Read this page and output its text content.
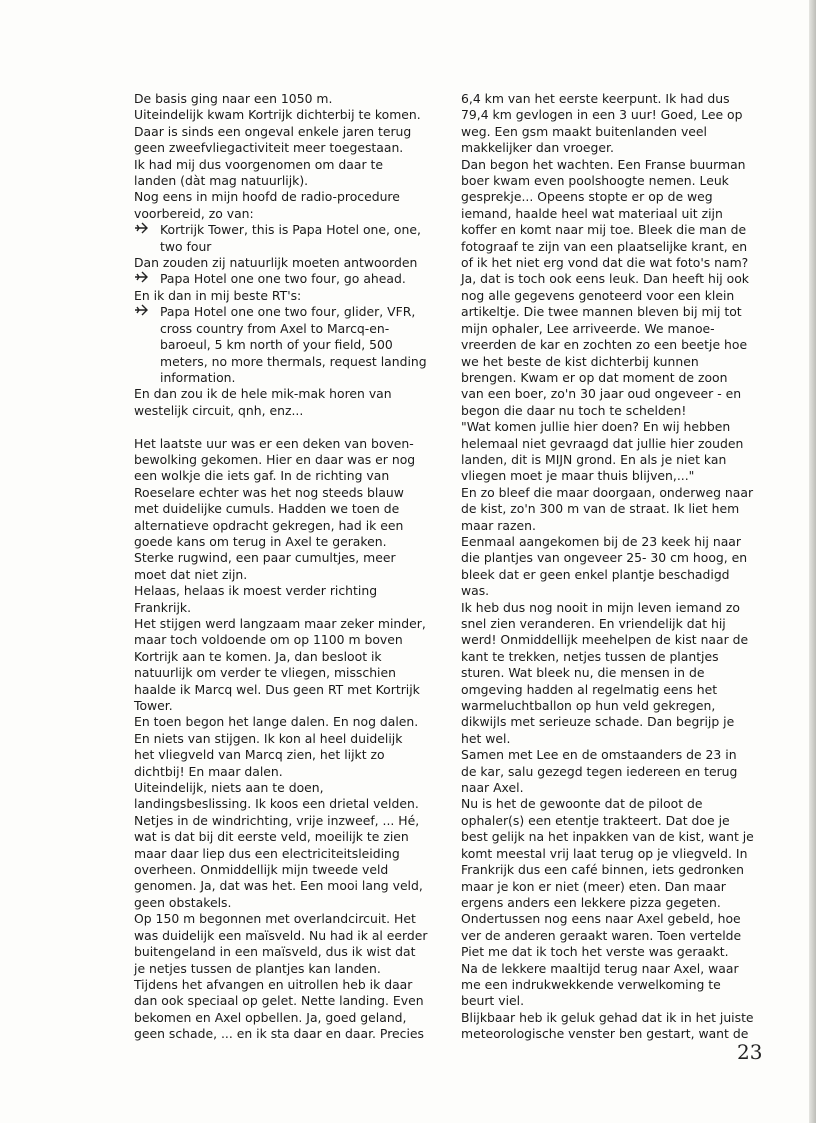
De basis ging naar een 1050 m.
Uiteindelijk kwam Kortrijk dichterbij te komen.
Daar is sinds een ongeval enkele jaren terug
geen zweefvliegactiviteit meer toegestaan.
Ik had mij dus voorgenomen om daar te
landen (dàt mag natuurlijk).
Nog eens in mijn hoofd de radio-procedure
voorbereid, zo van:
Kortrijk Tower, this is Papa Hotel one, one,
two four
Dan zouden zij natuurlijk moeten antwoorden
Papa Hotel one one two four, go ahead.
En ik dan in mij beste RT's:
Papa Hotel one one two four, glider, VFR,
cross country from Axel to Marcq-en-
baroeul, 5 km north of your field, 500
meters, no more thermals, request landing
information.
En dan zou ik de hele mik-mak horen van
westelijk circuit, qnh, enz...
Het laatste uur was er een deken van boven-
bewolking gekomen. Hier en daar was er nog
een wolkje die iets gaf. In de richting van
Roeselare echter was het nog steeds blauw
met duidelijke cumuls. Hadden we toen de
alternatieve opdracht gekregen, had ik een
goede kans om terug in Axel te geraken.
Sterke rugwind, een paar cumultjes, meer
moet dat niet zijn.
Helaas, helaas ik moest verder richting
Frankrijk.
Het stijgen werd langzaam maar zeker minder,
maar toch voldoende om op 1100 m boven
Kortrijk aan te komen. Ja, dan besloot ik
natuurlijk om verder te vliegen, misschien
haalde ik Marcq wel. Dus geen RT met Kortrijk
Tower.
En toen begon het lange dalen. En nog dalen.
En niets van stijgen. Ik kon al heel duidelijk
het vliegveld van Marcq zien, het lijkt zo
dichtbij! En maar dalen.
Uiteindelijk, niets aan te doen,
landingsbeslissing. Ik koos een drietal velden.
Netjes in de windrichting, vrije inzweef, ... Hé,
wat is dat bij dit eerste veld, moeilijk te zien
maar daar liep dus een electriciteitsleiding
overheen. Onmiddellijk mijn tweede veld
genomen. Ja, dat was het. Een mooi lang veld,
geen obstakels.
Op 150 m begonnen met overlandcircuit. Het
was duidelijk een maïsveld. Nu had ik al eerder
buitengeland in een maïsveld, dus ik wist dat
je netjes tussen de plantjes kan landen.
Tijdens het afvangen en uitrollen heb ik daar
dan ook speciaal op gelet. Nette landing. Even
bekomen en Axel opbellen. Ja, goed geland,
geen schade, ... en ik sta daar en daar. Precies
6,4 km van het eerste keerpunt. Ik had dus
79,4 km gevlogen in een 3 uur! Goed, Lee op
weg. Een gsm maakt buitenlanden veel
makkelijker dan vroeger.
Dan begon het wachten. Een Franse buurman
boer kwam even poolshoogte nemen. Leuk
gesprekje... Opeens stopte er op de weg
iemand, haalde heel wat materiaal uit zijn
koffer en komt naar mij toe. Bleek die man de
fotograaf te zijn van een plaatselijke krant, en
of ik het niet erg vond dat die wat foto's nam?
Ja, dat is toch ook eens leuk. Dan heeft hij ook
nog alle gegevens genoteerd voor een klein
artikeltje. Die twee mannen bleven bij mij tot
mijn ophaler, Lee arriveerde. We manoe-
vreerden de kar en zochten zo een beetje hoe
we het beste de kist dichterbij kunnen
brengen. Kwam er op dat moment de zoon
van een boer, zo'n 30 jaar oud ongeveer - en
begon die daar nu toch te schelden!
"Wat komen jullie hier doen? En wij hebben
helemaal niet gevraagd dat jullie hier zouden
landen, dit is MIJN grond. En als je niet kan
vliegen moet je maar thuis blijven,..."
En zo bleef die maar doorgaan, onderweg naar
de kist, zo'n 300 m van de straat. Ik liet hem
maar razen.
Eenmaal aangekomen bij de 23 keek hij naar
die plantjes van ongeveer 25- 30 cm hoog, en
bleek dat er geen enkel plantje beschadigd
was.
Ik heb dus nog nooit in mijn leven iemand zo
snel zien veranderen. En vriendelijk dat hij
werd! Onmiddellijk meehelpen de kist naar de
kant te trekken, netjes tussen de plantjes
sturen. Wat bleek nu, die mensen in de
omgeving hadden al regelmatig eens het
warmeluchtballon op hun veld gekregen,
dikwijls met serieuze schade. Dan begrijp je
het wel.
Samen met Lee en de omstaanders de 23 in
de kar, salu gezegd tegen iedereen en terug
naar Axel.
Nu is het de gewoonte dat de piloot de
ophaler(s) een etentje trakteert. Dat doe je
best gelijk na het inpakken van de kist, want je
komt meestal vrij laat terug op je vliegveld. In
Frankrijk dus een café binnen, iets gedronken
maar je kon er niet (meer) eten. Dan maar
ergens anders een lekkere pizza gegeten.
Ondertussen nog eens naar Axel gebeld, hoe
ver de anderen geraakt waren. Toen vertelde
Piet me dat ik toch het verste was geraakt.
Na de lekkere maaltijd terug naar Axel, waar
me een indrukwekkende verwelkoming te
beurt viel.
Blijkbaar heb ik geluk gehad dat ik in het juiste
meteorologische venster ben gestart, want de
23
